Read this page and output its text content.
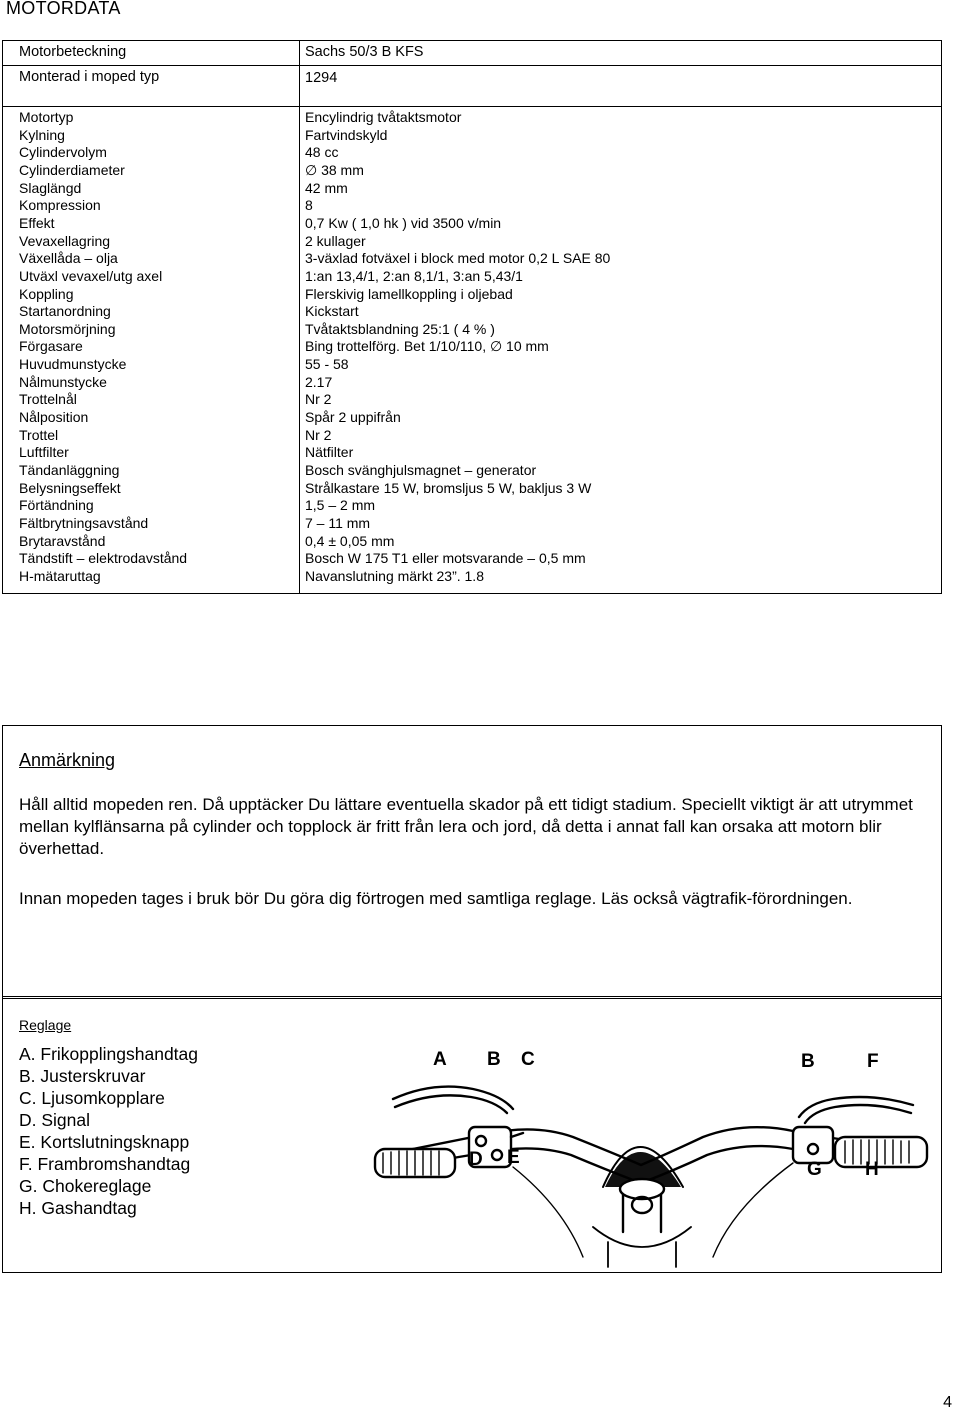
MOTORDATA
Motorbeteckning	Sachs 50/3 B KFS
Monterad i moped typ	1294
Motortyp	Encylindrig tvåtaktsmotor
Kylning	Fartvindskyld
Cylindervolym	48 cc
Cylinderdiameter	∅ 38 mm
Slaglängd	42 mm
Kompression	8
Effekt	0,7 Kw ( 1,0 hk ) vid 3500 v/min
Vevaxellagring	2 kullager
Växellåda – olja	3-växlad fotväxel i block med motor 0,2 L SAE 80
Utväxl vevaxel/utg axel	1:an 13,4/1, 2:an 8,1/1, 3:an 5,43/1
Koppling	Flerskivig lamellkoppling i oljebad
Startanordning	Kickstart
Motorsmörjning	Tvåtaktsblandning 25:1 ( 4 % )
Förgasare	Bing trottelförg. Bet 1/10/110, ∅ 10 mm
Huvudmunstycke	55 - 58
Nålmunstycke	2.17
Trottelnål	Nr 2
Nålposition	Spår 2 uppifrån
Trottel	Nr 2
Luftfilter	Nätfilter
Tändanläggning	Bosch svänghjulsmagnet – generator
Belysningseffekt	Strålkastare 15 W, bromsljus 5 W, bakljus 3 W
Förtändning	1,5 – 2 mm
Fältbrytningsavstånd	7 – 11 mm
Brytaravstånd	0,4 ± 0,05 mm
Tändstift – elektrodavstånd	Bosch W 175 T1 eller motsvarande – 0,5 mm
H-mätaruttag	Navanslutning märkt 23”. 1.8
Anmärkning
Håll alltid mopeden ren. Då upptäcker Du lättare eventuella skador på ett tidigt stadium. Speciellt viktigt är att utrymmet mellan kylflänsarna på cylinder och topplock är fritt från lera och jord, då detta i annat fall kan orsaka att motorn blir överhettad.
Innan mopeden tages i bruk bör Du göra dig förtrogen med samtliga reglage. Läs också vägtrafik-förordningen.
Reglage
A. Frikopplingshandtag
B. Justerskruvar
C. Ljusomkopplare
D. Signal
E. Kortslutningsknapp
F. Frambromshandtag
G. Chokereglage
H. Gashandtag
A B C	B	F
D E
G H
4
